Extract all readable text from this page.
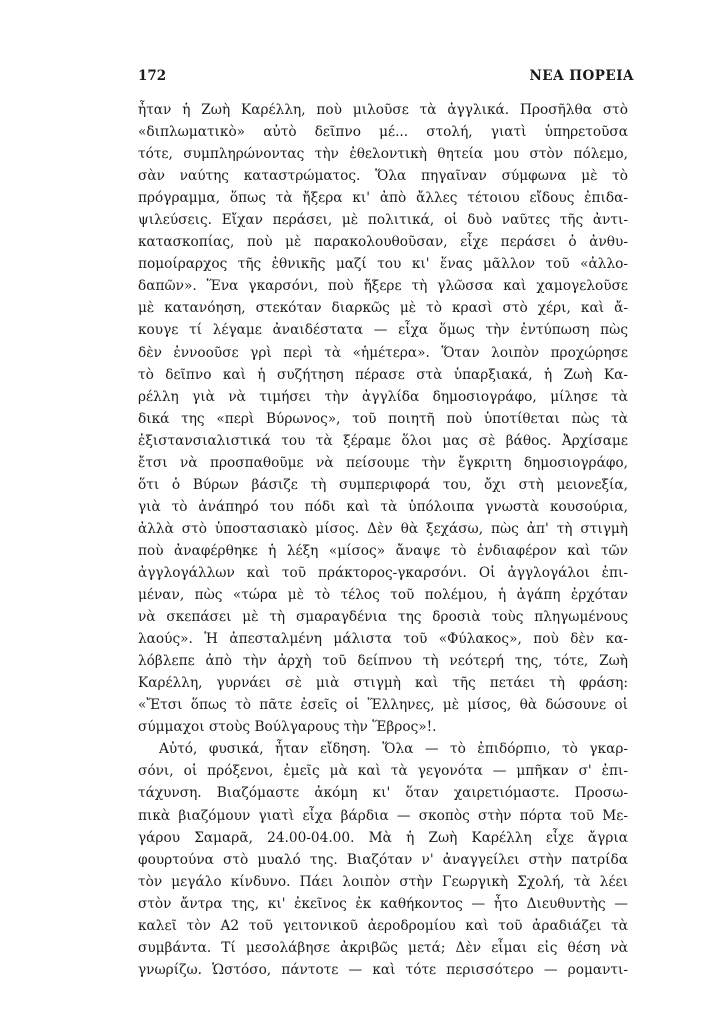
172	ΝΕΑ ΠΟΡΕΙΑ
ἦταν ἡ Ζωὴ Καρέλλη, ποὺ μιλοῦσε τὰ ἀγγλικά. Προσῆλθα στὸ
«διπλωματικὸ» αὐτὸ δεῖπνο μέ... στολή, γιατὶ ὑπηρετοῦσα
τότε, συμπληρώνοντας τὴν ἐθελοντικὴ θητεία μου στὸν πόλεμο,
σὰν ναύτης καταστρώματος. Ὅλα πηγαῖναν σύμφωνα μὲ τὸ
πρόγραμμα, ὅπως τὰ ἤξερα κι' ἀπὸ ἄλλες τέτοιου εἴδους ἐπιδα-
ψιλεύσεις. Εἴχαν περάσει, μὲ πολιτικά, οἱ δυὸ ναῦτες τῆς ἀντι-
κατασκοπίας, ποὺ μὲ παρακολουθοῦσαν, εἶχε περάσει ὁ ἀνθυ-
πομοίραρχος τῆς ἐθνικῆς μαζί του κι' ἕνας μᾶλλον τοῦ «ἀλλο-
δαπῶν». Ἕνα γκαρσόνι, ποὺ ἤξερε τὴ γλῶσσα καὶ χαμογελοῦσε
μὲ κατανόηση, στεκόταν διαρκῶς μὲ τὸ κρασὶ στὸ χέρι, καὶ ἄ-
κουγε τί λέγαμε ἀναιδέστατα — εἶχα ὅμως τὴν ἐντύπωση πὼς
δὲν ἐννοοῦσε γρὶ περὶ τὰ «ἡμέτερα». Ὅταν λοιπὸν προχώρησε
τὸ δεῖπνο καὶ ἡ συζήτηση πέρασε στὰ ὑπαρξιακά, ἡ Ζωὴ Κα-
ρέλλη γιὰ νὰ τιμήσει τὴν ἀγγλίδα δημοσιογράφο, μίλησε τὰ
δικά της «περὶ Βύρωνος», τοῦ ποιητῆ ποὺ ὑποτίθεται πὼς τὰ
ἐξιστανσιαλιστικά του τὰ ξέραμε ὅλοι μας σὲ βάθος. Ἀρχίσαμε
ἔτσι νὰ προσπαθοῦμε νὰ πείσουμε τὴν ἔγκριτη δημοσιογράφο,
ὅτι ὁ Βύρων βάσιζε τὴ συμπεριφορά του, ὄχι στὴ μειονεξία,
γιὰ τὸ ἀνάπηρό του πόδι καὶ τὰ ὑπόλοιπα γνωστὰ κουσούρια,
ἀλλὰ στὸ ὑποστασιακὸ μίσος. Δὲν θὰ ξεχάσω, πὼς ἀπ' τὴ στιγμὴ
ποὺ ἀναφέρθηκε ἡ λέξη «μίσος» ἄναψε τὸ ἐνδιαφέρον καὶ τῶν
ἀγγλογάλλων καὶ τοῦ πράκτορος-γκαρσόνι. Οἱ ἀγγλογάλοι ἐπι-
μέναν, πὼς «τώρα μὲ τὸ τέλος τοῦ πολέμου, ἡ ἀγάπη ἐρχόταν
νὰ σκεπάσει μὲ τὴ σμαραγδένια της δροσιὰ τοὺς πληγωμένους
λαούς». Ἡ ἀπεσταλμένη μάλιστα τοῦ «Φύλακος», ποὺ δὲν κα-
λόβλεπε ἀπὸ τὴν ἀρχὴ τοῦ δείπνου τὴ νεότερή της, τότε, Ζωὴ
Καρέλλη, γυρνάει σὲ μιὰ στιγμὴ καὶ τῆς πετάει τὴ φράση:
«Ἔτσι ὅπως τὸ πᾶτε ἐσεῖς οἱ Ἕλληνες, μὲ μίσος, θὰ δώσουνε οἱ
σύμμαχοι στοὺς Βούλγαρους τὴν Ἕβρος»!.
Αὐτό, φυσικά, ἦταν εἴδηση. Ὅλα — τὸ ἐπιδόρπιο, τὸ γκαρ-
σόνι, οἱ πρόξενοι, ἐμεῖς μὰ καὶ τὰ γεγονότα — μπῆκαν σ' ἐπι-
τάχυνση. Βιαζόμαστε ἀκόμη κι' ὅταν χαιρετιόμαστε. Προσω-
πικὰ βιαζόμουν γιατὶ εἶχα βάρδια — σκοπὸς στὴν πόρτα τοῦ Με-
γάρου Σαμαρᾶ, 24.00-04.00. Μὰ ἡ Ζωὴ Καρέλλη εἶχε ἄγρια
φουρτούνα στὸ μυαλό της. Βιαζόταν ν' ἀναγγείλει στὴν πατρίδα
τὸν μεγάλο κίνδυνο. Πάει λοιπὸν στὴν Γεωργικὴ Σχολή, τὰ λέει
στὸν ἄντρα της, κι' ἐκεῖνος ἐκ καθήκοντος — ἦτο Διευθυντὴς —
καλεῖ τὸν Α2 τοῦ γειτονικοῦ ἀεροδρομίου καὶ τοῦ ἀραδιάζει τὰ
συμβάντα. Τί μεσολάβησε ἀκριβῶς μετά; Δὲν εἶμαι εἰς θέση νὰ
γνωρίζω. Ὡστόσο, πάντοτε — καὶ τότε περισσότερο — ρομαντι-
